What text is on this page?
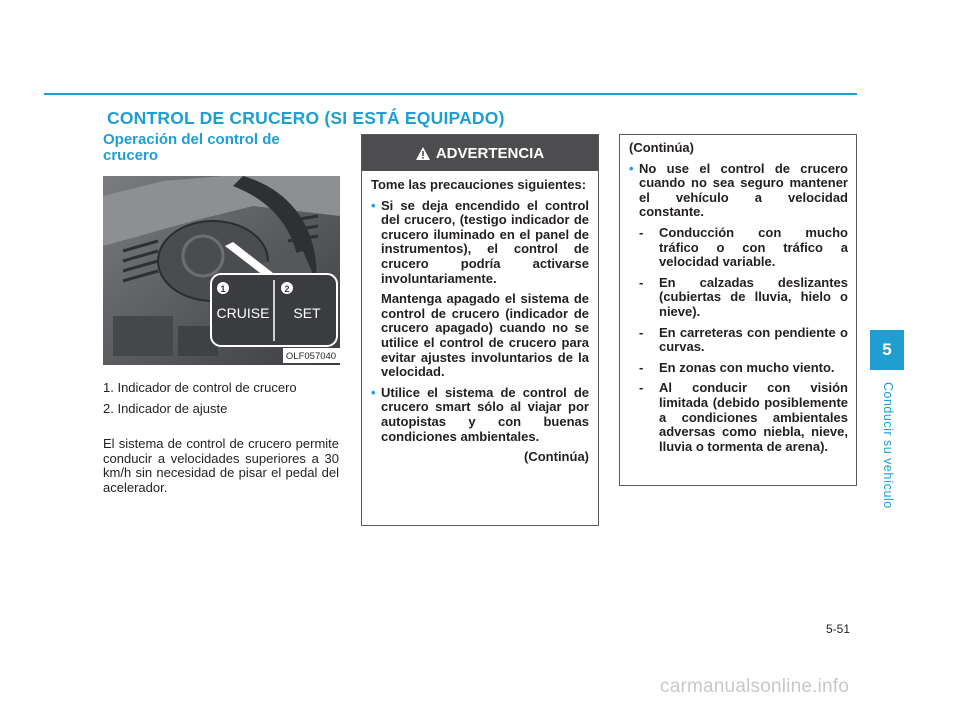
CONTROL DE CRUCERO (SI ESTÁ EQUIPADO)

Operación del control de crucero

1	2
CRUISE SET
OLF057040
1. Indicador de control de crucero
2. Indicador de ajuste
El sistema de control de crucero permite conducir a velocidades superiores a 30 km/h sin necesidad de pisar el pedal del acelerador.
ADVERTENCIA

Tome las precauciones siguientes:

• Si se deja encendido el control del crucero, (testigo indicador de crucero iluminado en el panel de instrumentos), el control de crucero podría activarse involuntariamente.

Mantenga apagado el sistema de control de crucero (indicador de crucero apagado) cuando no se utilice el control de crucero para evitar ajustes involuntarios de la velocidad.

• Utilice el sistema de control de crucero smart sólo al viajar por autopistas y con buenas condiciones ambientales.

(Continúa)

(Continúa)

• No use el control de crucero cuando no sea seguro mantener el vehículo a velocidad constante.
- Conducción con mucho tráfico o con tráfico a velocidad variable.
- En calzadas deslizantes (cubiertas de lluvia, hielo o nieve).
- En carreteras con pendiente o curvas.
- En zonas con mucho viento.
- Al conducir con visión limitada (debido posiblemente a condiciones ambientales adversas como niebla, nieve, lluvia o tormenta de arena).
5
Conducir su vehículo
5-51
carmanualsonline.info
